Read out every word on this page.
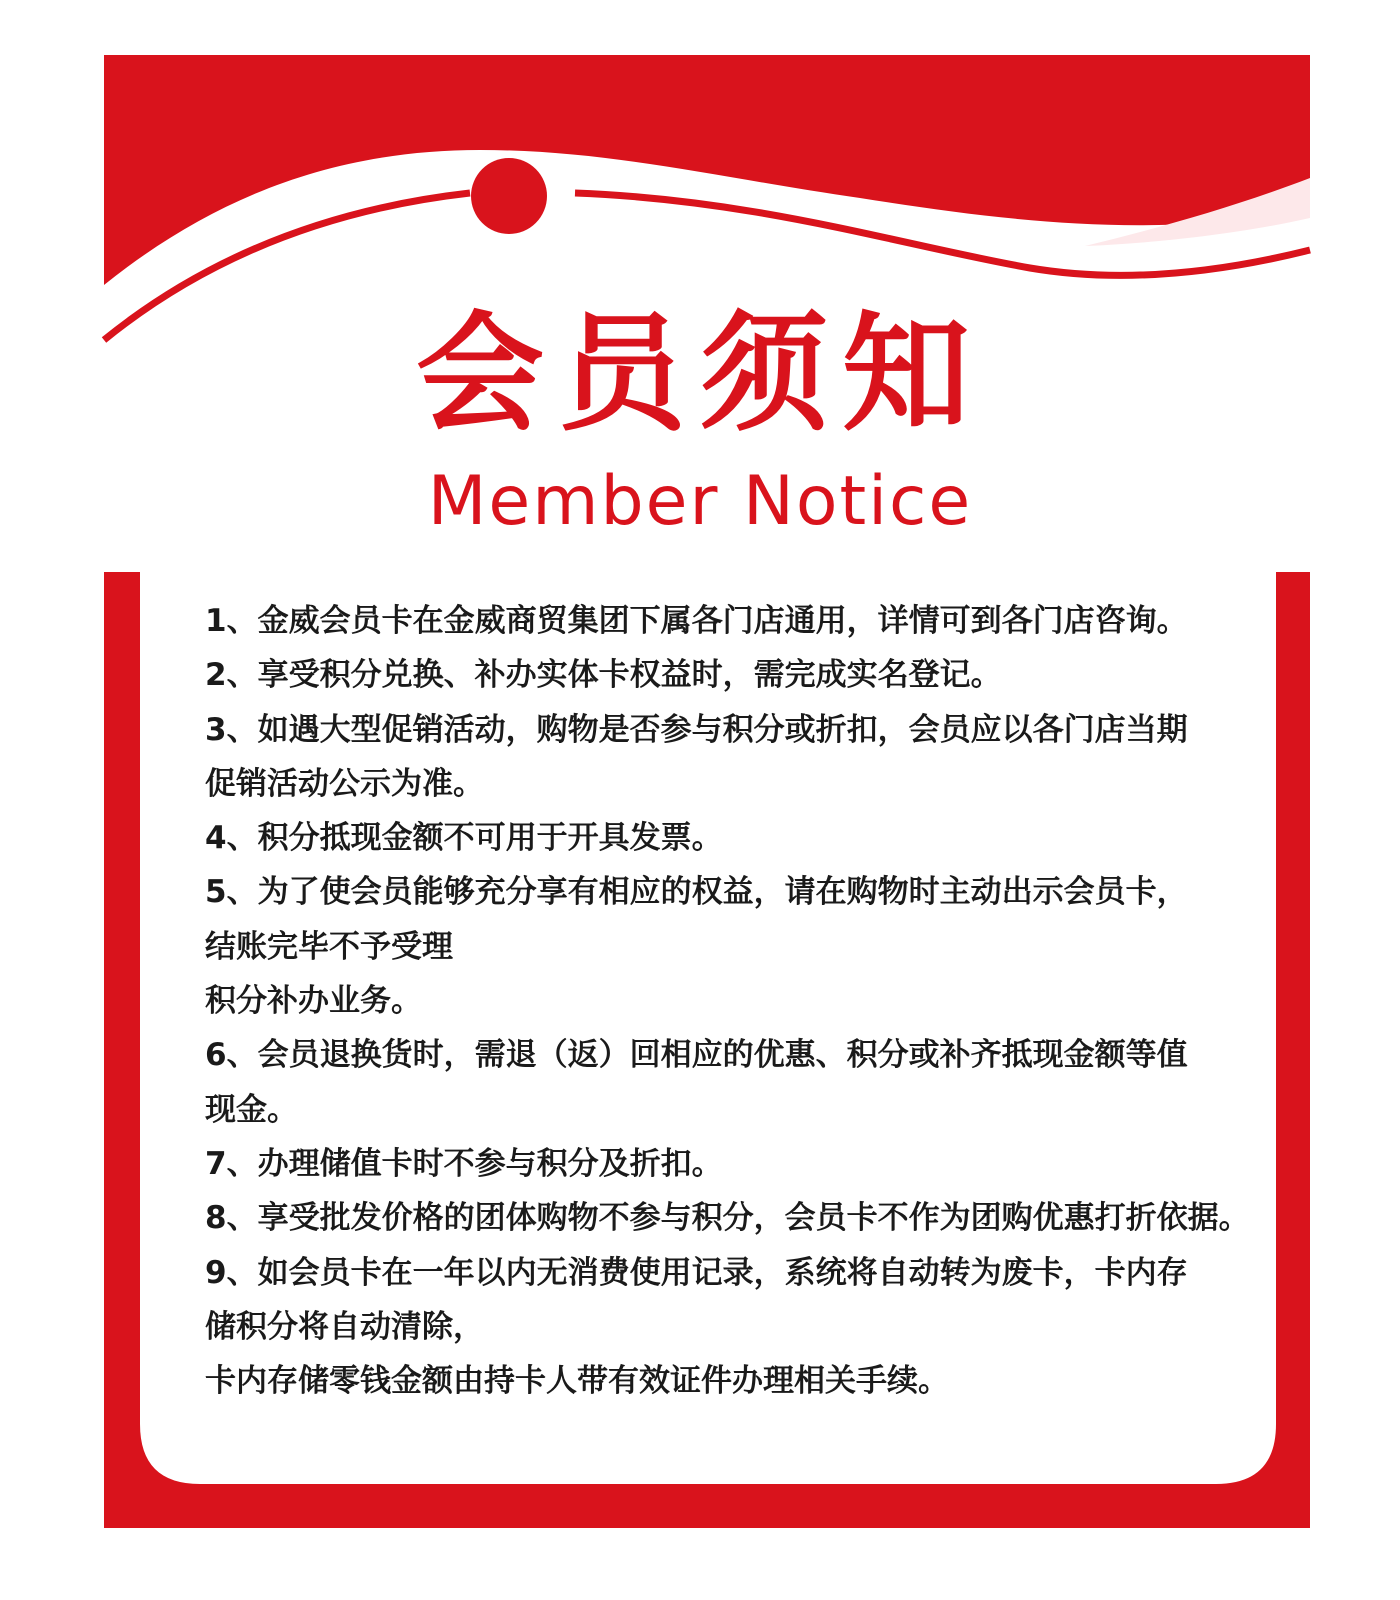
会员须知
Member Notice
1、金威会员卡在金威商贸集团下属各门店通用，详情可到各门店咨询。
2、享受积分兑换、补办实体卡权益时，需完成实名登记。
3、如遇大型促销活动，购物是否参与积分或折扣，会员应以各门店当期
促销活动公示为准。
4、积分抵现金额不可用于开具发票。
5、为了使会员能够充分享有相应的权益，请在购物时主动出示会员卡，
结账完毕不予受理
积分补办业务。
6、会员退换货时，需退（返）回相应的优惠、积分或补齐抵现金额等值
现金。
7、办理储值卡时不参与积分及折扣。
8、享受批发价格的团体购物不参与积分，会员卡不作为团购优惠打折依据。
9、如会员卡在一年以内无消费使用记录，系统将自动转为废卡，卡内存
储积分将自动清除，
卡内存储零钱金额由持卡人带有效证件办理相关手续。
